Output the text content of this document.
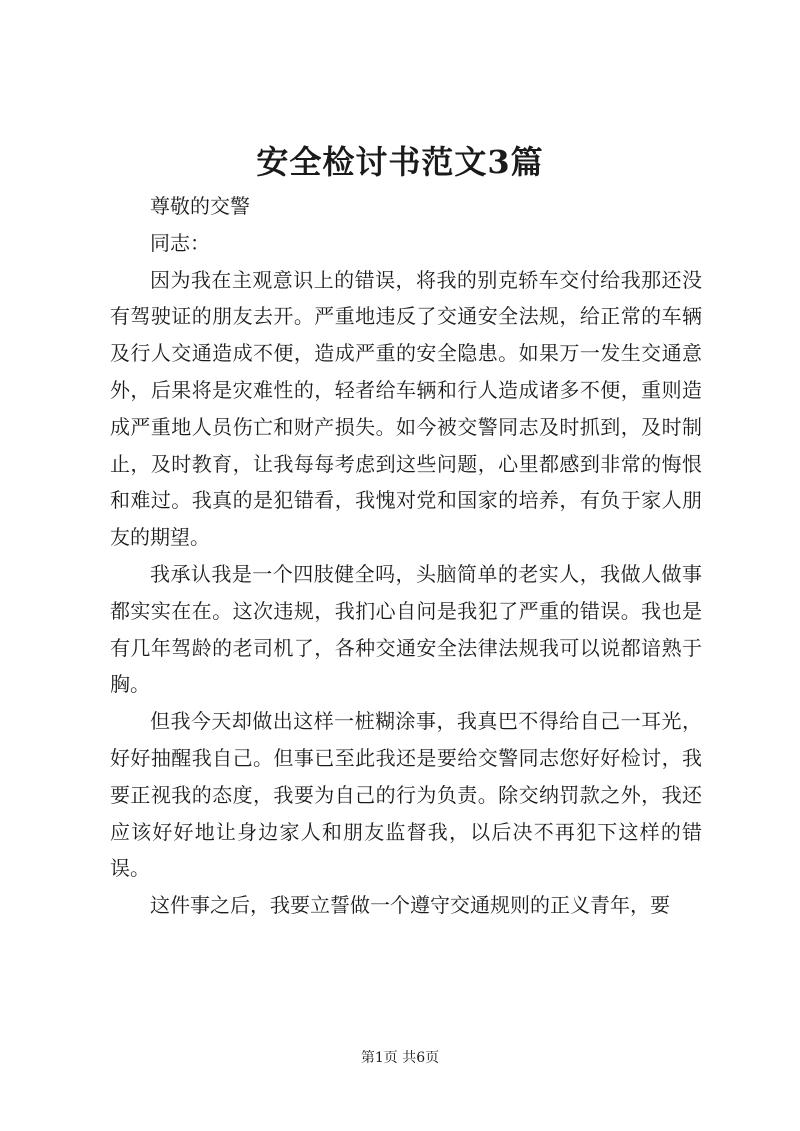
安全检讨书范文3篇

尊敬的交警

同志：

因为我在主观意识上的错误，将我的别克轿车交付给我那还没有驾驶证的朋友去开。严重地违反了交通安全法规，给正常的车辆及行人交通造成不便，造成严重的安全隐患。如果万一发生交通意外，后果将是灾难性的，轻者给车辆和行人造成诸多不便，重则造成严重地人员伤亡和财产损失。如今被交警同志及时抓到，及时制止，及时教育，让我每每考虑到这些问题，心里都感到非常的悔恨和难过。我真的是犯错看，我愧对党和国家的培养，有负于家人朋友的期望。

我承认我是一个四肢健全吗，头脑简单的老实人，我做人做事都实实在在。这次违规，我扪心自问是我犯了严重的错误。我也是有几年驾龄的老司机了，各种交通安全法律法规我可以说都谙熟于胸。

但我今天却做出这样一桩糊涂事，我真巴不得给自己一耳光，好好抽醒我自己。但事已至此我还是要给交警同志您好好检讨，我要正视我的态度，我要为自己的行为负责。除交纳罚款之外，我还应该好好地让身边家人和朋友监督我，以后决不再犯下这样的错误。

这件事之后，我要立誓做一个遵守交通规则的正义青年，要

第1页 共6页
